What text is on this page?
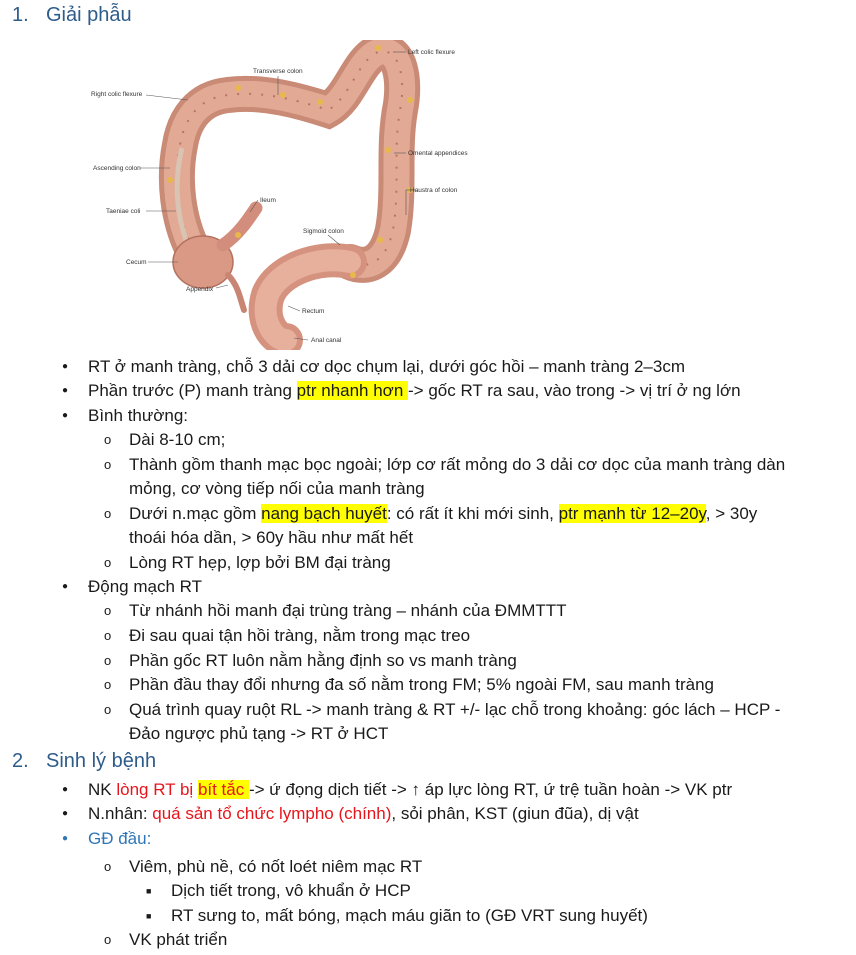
1. Giải phẫu
Left colic flexure
Transverse colon
Right colic flexure
Omental appendices
Ascending colon
Haustra of colon
Ileum
Taeniae coli
Sigmoid colon
Cecum
Appendix
Rectum
Anal canal
● RT ở manh tràng, chỗ 3 dải cơ dọc chụm lại, dưới góc hồi – manh tràng 2–3cm
● Phần trước (P) manh tràng ptr nhanh hơn -> gốc RT ra sau, vào trong -> vị trí ở ng lớn
● Bình thường:
o Dài 8-10 cm;
o Thành gồm thanh mạc bọc ngoài; lớp cơ rất mỏng do 3 dải cơ dọc của manh tràng dàn
mỏng, cơ vòng tiếp nối của manh tràng
o Dưới n.mạc gồm nang bạch huyết: có rất ít khi mới sinh, ptr mạnh từ 12–20y, > 30y
thoái hóa dần, > 60y hầu như mất hết
o Lòng RT hẹp, lợp bởi BM đại tràng
● Động mạch RT
o Từ nhánh hồi manh đại trùng tràng – nhánh của ĐMMTTT
o Đi sau quai tận hồi tràng, nằm trong mạc treo
o Phần gốc RT luôn nằm hằng định so vs manh tràng
o Phần đầu thay đổi nhưng đa số nằm trong FM; 5% ngoài FM, sau manh tràng
o Quá trình quay ruột RL -> manh tràng & RT +/- lạc chỗ trong khoảng: góc lách – HCP -
Đảo ngược phủ tạng -> RT ở HCT
2. Sinh lý bệnh
● NK lòng RT bị bít tắc -> ứ đọng dịch tiết -> ↑ áp lực lòng RT, ứ trệ tuần hoàn -> VK ptr
● N.nhân: quá sản tổ chức lympho (chính), sỏi phân, KST (giun đũa), dị vật
● GĐ đầu:
o Viêm, phù nề, có nốt loét niêm mạc RT
■ Dịch tiết trong, vô khuẩn ở HCP
■ RT sưng to, mất bóng, mạch máu giãn to (GĐ VRT sung huyết)
o VK phát triển
